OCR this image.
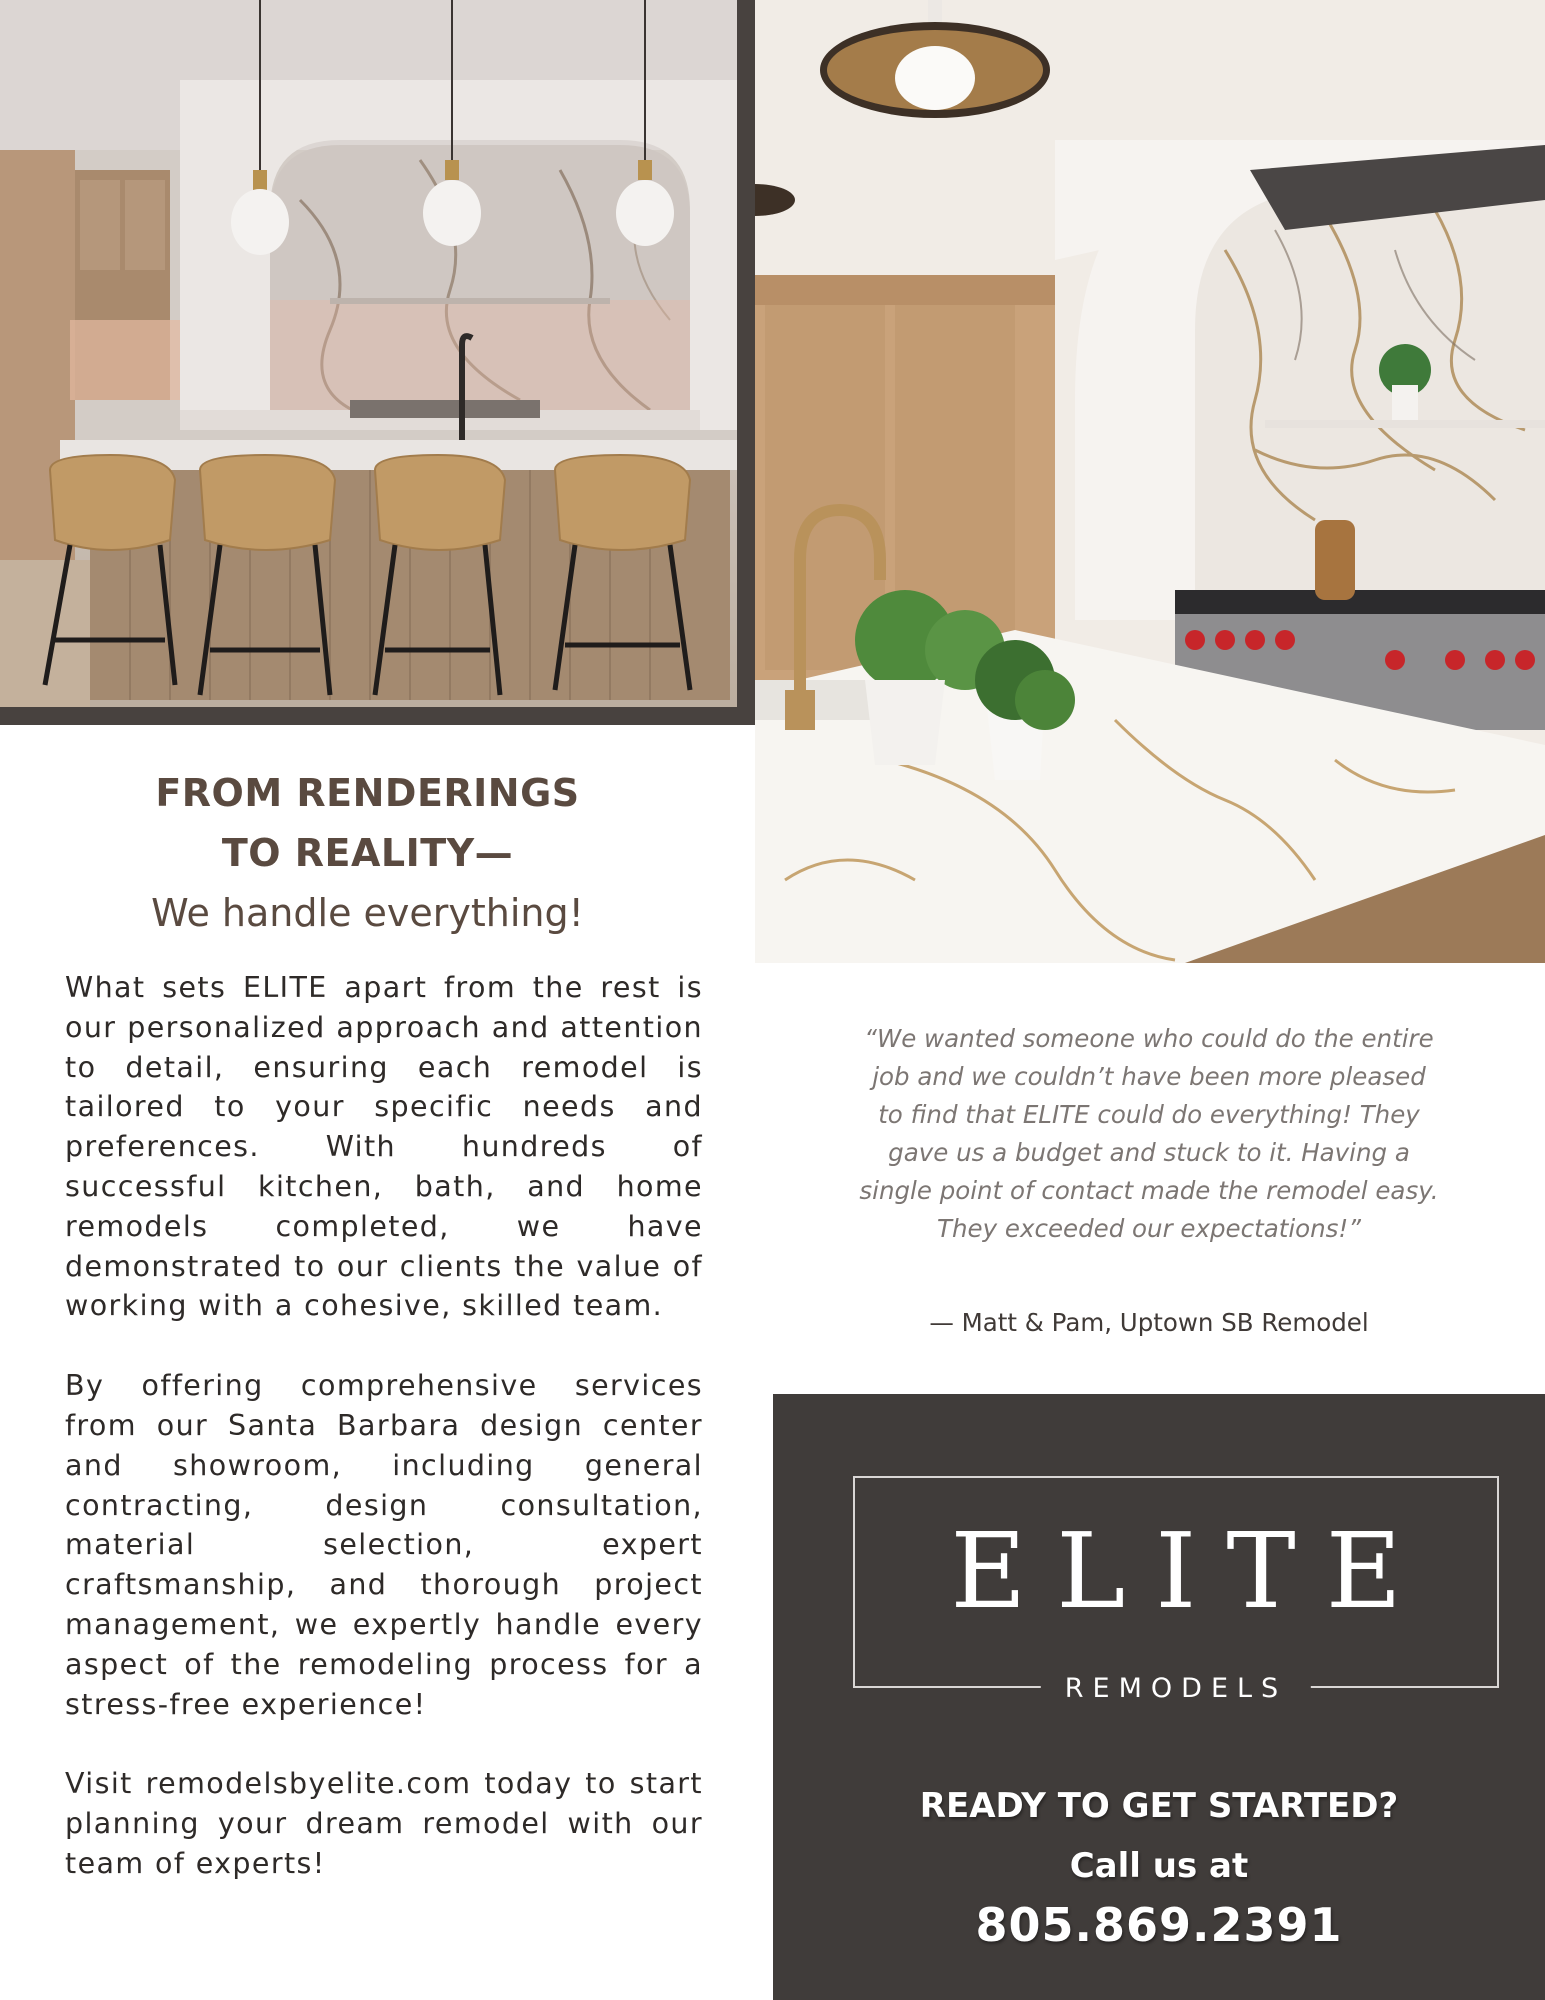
FROM RENDERINGS
TO REALITY—
We handle everything!

What sets ELITE apart from the rest is our personalized approach and attention to detail, ensuring each remodel is tailored to your specific needs and preferences. With hundreds of successful kitchen, bath, and home remodels completed, we have demonstrated to our clients the value of working with a cohesive, skilled team.

By offering comprehensive services from our Santa Barbara design center and showroom, including general contracting, design consultation, material selection, expert craftsmanship, and thorough project management, we expertly handle every aspect of the remodeling process for a stress-free experience!

Visit remodelsbyelite.com today to start planning your dream remodel with our team of experts!

“We wanted someone who could do the entire job and we couldn’t have been more pleased to find that ELITE could do everything! They gave us a budget and stuck to it. Having a single point of contact made the remodel easy. They exceeded our expectations!”
— Matt & Pam, Uptown SB Remodel
ELITE
REMODELS
READY TO GET STARTED?
Call us at
805.869.2391
